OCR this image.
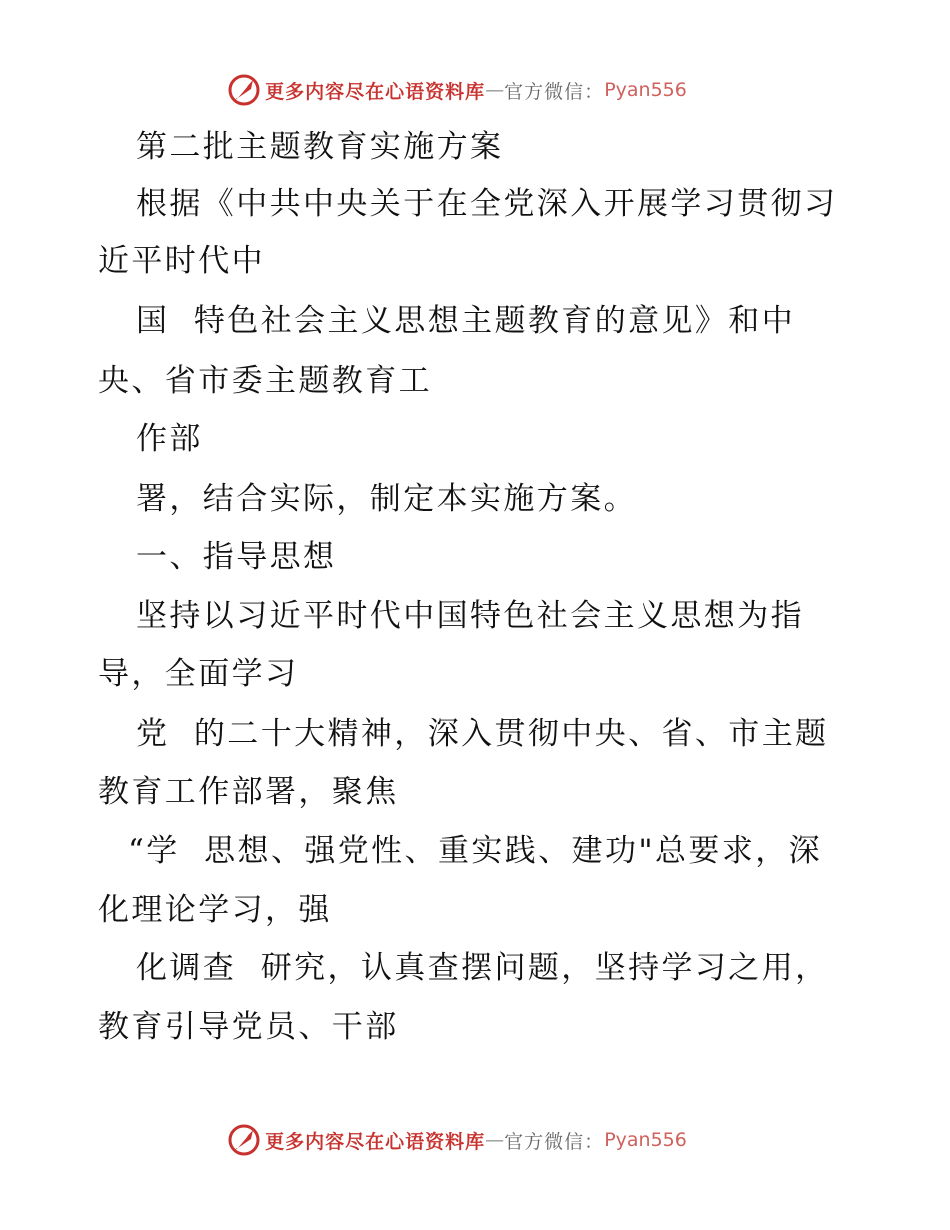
更多内容尽在心语资料库 — 官方微信： Pyan556
第二批主题教育实施方案
根据《中共中央关于在全党深入开展学习贯彻习
近平时代中
国  特色社会主义思想主题教育的意见》和中
央、省市委主题教育工
作部
署，结合实际，制定本实施方案。
一、指导思想
坚持以习近平时代中国特色社会主义思想为指
导，全面学习
党  的二十大精神，深入贯彻中央、省、市主题
教育工作部署，聚焦
“学  思想、强党性、重实践、建功"总要求，深
化理论学习，强
化调查  研究，认真查摆问题，坚持学习之用，
教育引导党员、干部
更多内容尽在心语资料库 — 官方微信： Pyan556
